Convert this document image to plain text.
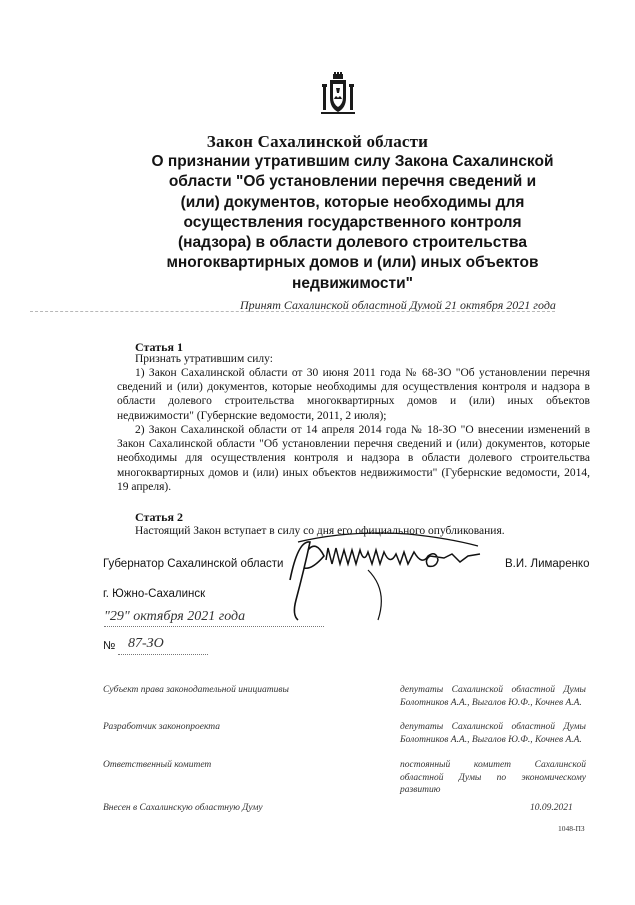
Закон Сахалинской области
О признании утратившим силу Закона Сахалинской
области "Об установлении перечня сведений и
(или) документов, которые необходимы для
осуществления государственного контроля
(надзора) в области долевого строительства
многоквартирных домов и (или) иных объектов
недвижимости"
Принят Сахалинской областной Думой 21 октября 2021 года
Статья 1
Признать утратившим силу:
1) Закон Сахалинской области от 30 июня 2011 года № 68-ЗО "Об установлении перечня сведений и (или) документов, которые необходимы для осуществления контроля и надзора в области долевого строительства многоквартирных домов и (или) иных объектов недвижимости" (Губернские ведомости, 2011, 2 июля);
2) Закон Сахалинской области от 14 апреля 2014 года № 18-ЗО "О внесении изменений в Закон Сахалинской области "Об установлении перечня сведений и (или) документов, которые необходимы для осуществления контроля и надзора в области долевого строительства многоквартирных домов и (или) иных объектов недвижимости" (Губернские ведомости, 2014, 19 апреля).
Статья 2
Настоящий Закон вступает в силу со дня его официального опубликования.
Губернатор Сахалинской области	В.И. Лимаренко
г. Южно-Сахалинск
"29" октября 2021 года
№ 87-ЗО
Субъект права законодательной инициативы	депутаты Сахалинской областной Думы Болотников А.А., Выгалов Ю.Ф., Кочнев А.А.
Разработчик законопроекта	депутаты Сахалинской областной Думы Болотников А.А., Выгалов Ю.Ф., Кочнев А.А.
Ответственный комитет	постоянный комитет Сахалинской областной Думы по экономическому развитию
Внесен в Сахалинскую областную Думу	10.09.2021
1048-ПЗ
